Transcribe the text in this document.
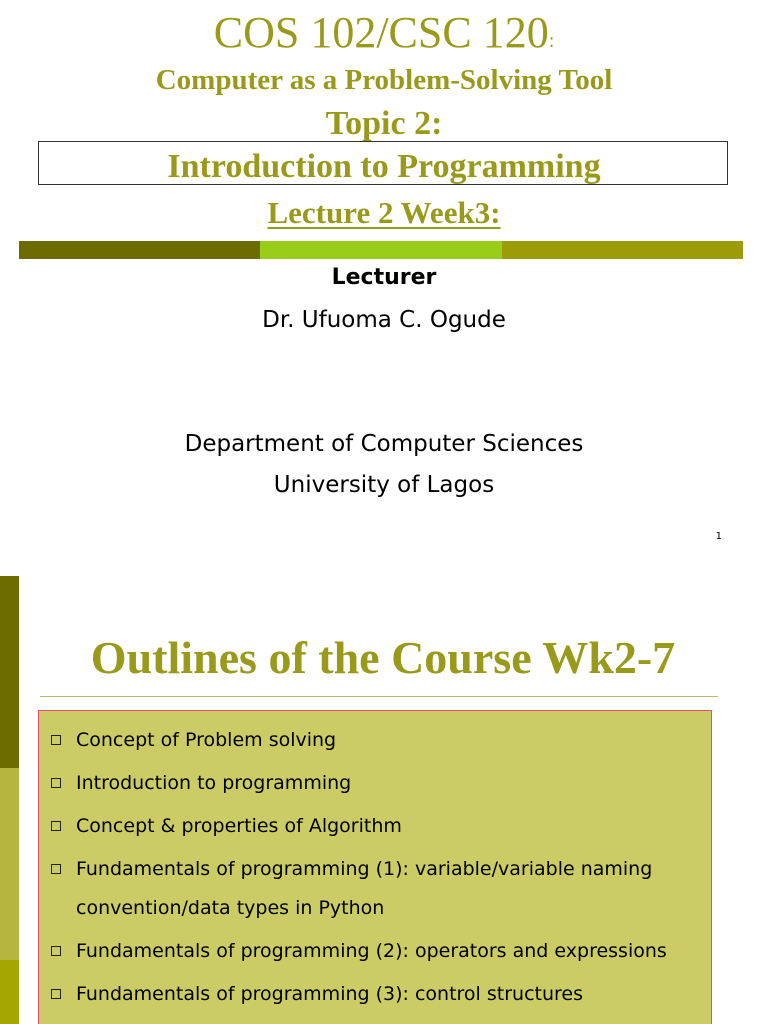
COS 102/CSC 120:
Computer as a Problem-Solving Tool
Topic 2:
Introduction to Programming
Lecture 2 Week3:
Lecturer
Dr. Ufuoma C. Ogude
Department of Computer Sciences
University of Lagos
1
Outlines of the Course Wk2-7
Concept of Problem solving
Introduction to programming
Concept & properties of Algorithm
Fundamentals of programming (1): variable/variable naming
convention/data types in Python
Fundamentals of programming (2): operators and expressions
Fundamentals of programming (3): control structures
